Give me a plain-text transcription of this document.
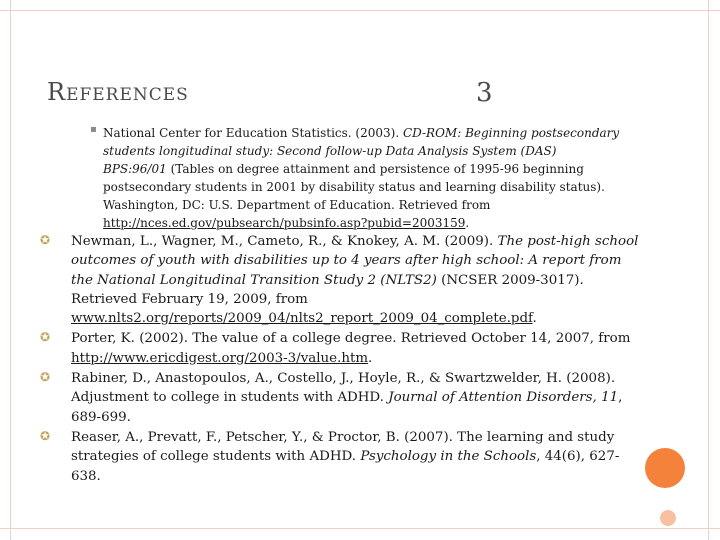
References	3
▪ National Center for Education Statistics. (2003). CD-ROM: Beginning postsecondary students longitudinal study: Second follow-up Data Analysis System (DAS) BPS:96/01 (Tables on degree attainment and persistence of 1995-96 beginning postsecondary students in 2001 by disability status and learning disability status). Washington, DC: U.S. Department of Education. Retrieved from http://nces.ed.gov/pubsearch/pubsinfo.asp?pubid=2003159.
✪ Newman, L., Wagner, M., Cameto, R., & Knokey, A. M. (2009). The post-high school outcomes of youth with disabilities up to 4 years after high school: A report from the National Longitudinal Transition Study 2 (NLTS2) (NCSER 2009-3017). Retrieved February 19, 2009, from www.nlts2.org/reports/2009_04/nlts2_report_2009_04_complete.pdf.
✪ Porter, K. (2002). The value of a college degree. Retrieved October 14, 2007, from http://www.ericdigest.org/2003-3/value.htm.
✪ Rabiner, D., Anastopoulos, A., Costello, J., Hoyle, R., & Swartzwelder, H. (2008). Adjustment to college in students with ADHD. Journal of Attention Disorders, 11, 689-699.
✪ Reaser, A., Prevatt, F., Petscher, Y., & Proctor, B. (2007). The learning and study strategies of college students with ADHD. Psychology in the Schools, 44(6), 627-638.
